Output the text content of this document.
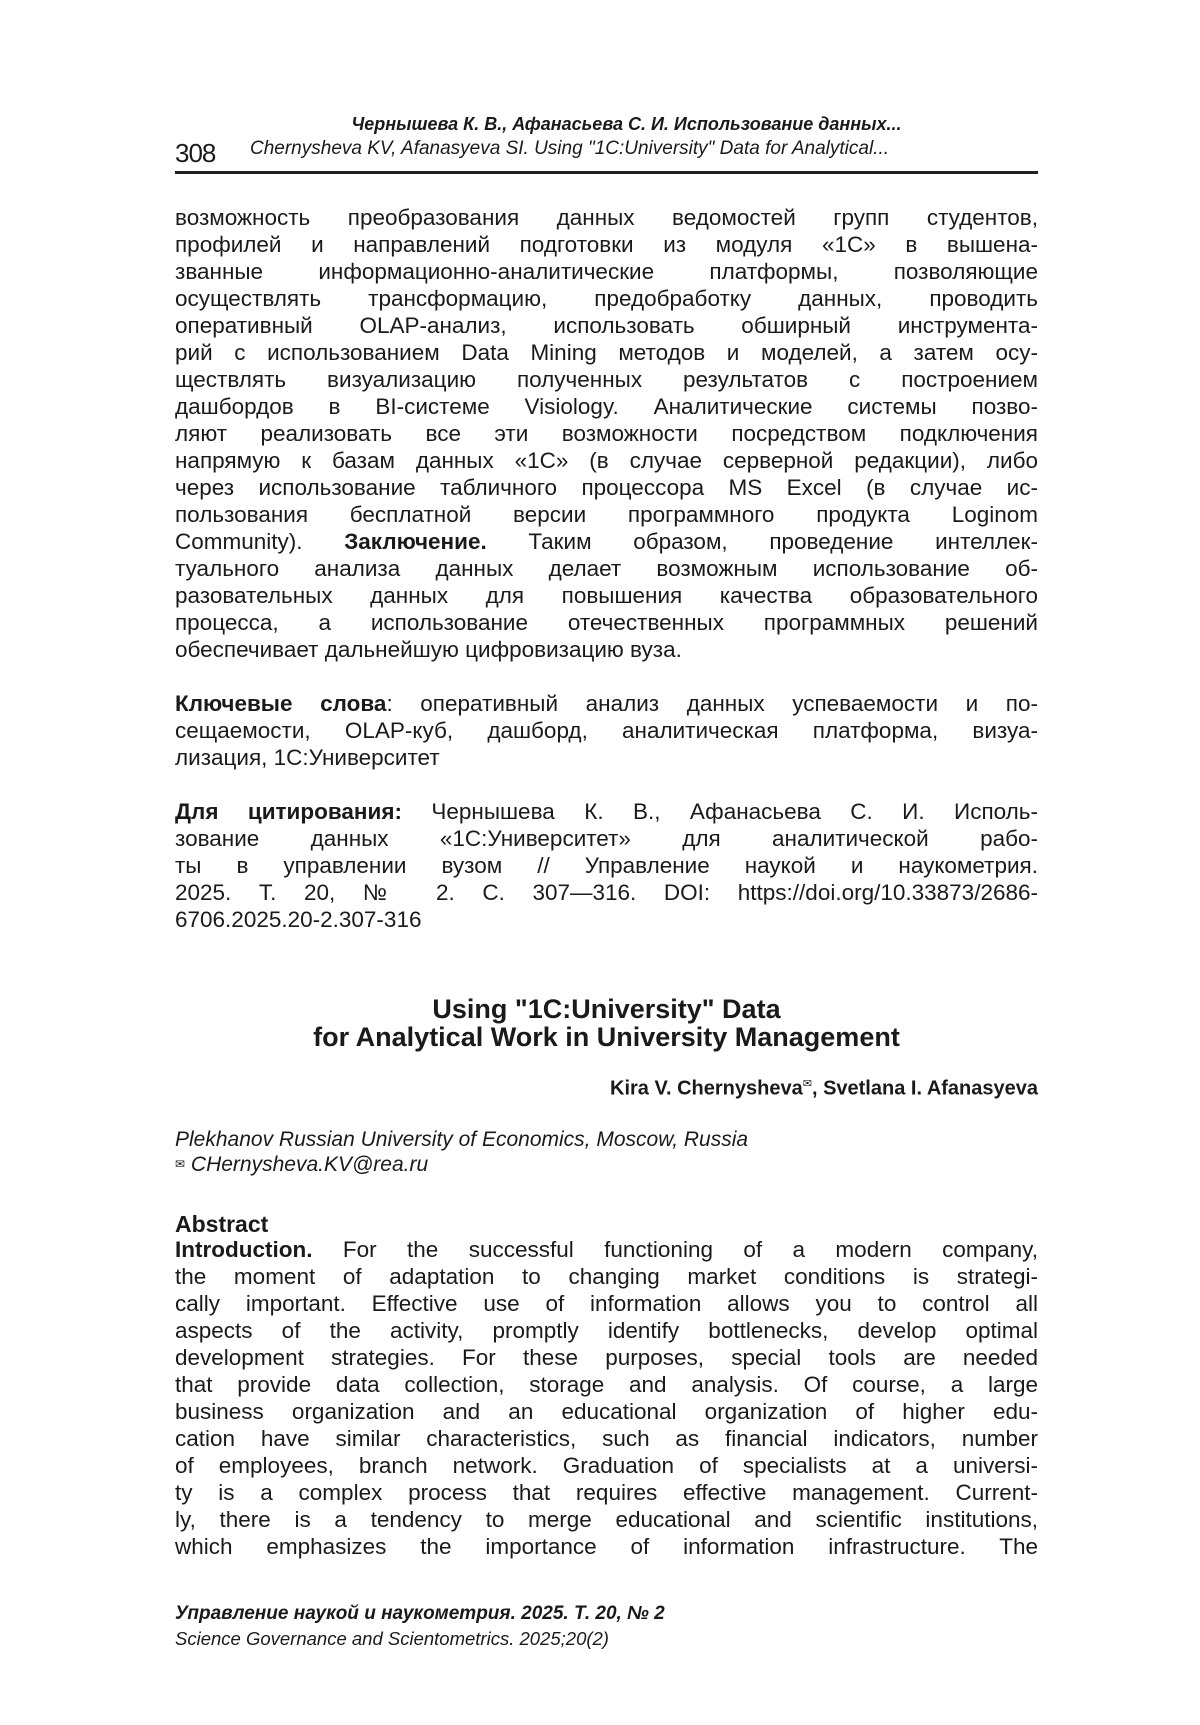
Чернышева К. В., Афанасьева С. И. Использование данных...
308 Chernysheva KV, Afanasyeva SI. Using "1C:University" Data for Analytical...
возможность преобразования данных ведомостей групп студентов,
профилей и направлений подготовки из модуля «1С» в вышена-
званные информационно-аналитические платформы, позволяющие
осуществлять трансформацию, предобработку данных, проводить
оперативный OLAP-анализ, использовать обширный инструмента-
рий с использованием Data Mining методов и моделей, а затем осу-
ществлять визуализацию полученных результатов с построением
дашбордов в BI-системе Visiology. Аналитические системы позво-
ляют реализовать все эти возможности посредством подключения
напрямую к базам данных «1С» (в случае серверной редакции), либо
через использование табличного процессора MS Excel (в случае ис-
пользования бесплатной версии программного продукта Loginom
Community). Заключение. Таким образом, проведение интеллек-
туального анализа данных делает возможным использование об-
разовательных данных для повышения качества образовательного
процесса, а использование отечественных программных решений
обеспечивает дальнейшую цифровизацию вуза.
Ключевые слова: оперативный анализ данных успеваемости и по-
сещаемости, OLAP-куб, дашборд, аналитическая платформа, визуа-
лизация, 1С:Университет
Для цитирования: Чернышева К. В., Афанасьева С. И. Исполь-
зование данных «1С:Университет» для аналитической рабо-
ты в управлении вузом // Управление наукой и наукометрия.
2025. Т. 20, № 2. С. 307—316. DOI: https://doi.org/10.33873/2686-
6706.2025.20-2.307-316
Using "1C:University" Data
for Analytical Work in University Management
Kira V. Chernysheva✉, Svetlana I. Afanasyeva
Plekhanov Russian University of Economics, Moscow, Russia
✉ CHernysheva.KV@rea.ru
Abstract
Introduction. For the successful functioning of a modern company,
the moment of adaptation to changing market conditions is strategi-
cally important. Effective use of information allows you to control all
aspects of the activity, promptly identify bottlenecks, develop optimal
development strategies. For these purposes, special tools are needed
that provide data collection, storage and analysis. Of course, a large
business organization and an educational organization of higher edu-
cation have similar characteristics, such as financial indicators, number
of employees, branch network. Graduation of specialists at a universi-
ty is a complex process that requires effective management. Current-
ly, there is a tendency to merge educational and scientific institutions,
which emphasizes the importance of information infrastructure. The
Управление наукой и наукометрия. 2025. Т. 20, № 2
Science Governance and Scientometrics. 2025;20(2)
